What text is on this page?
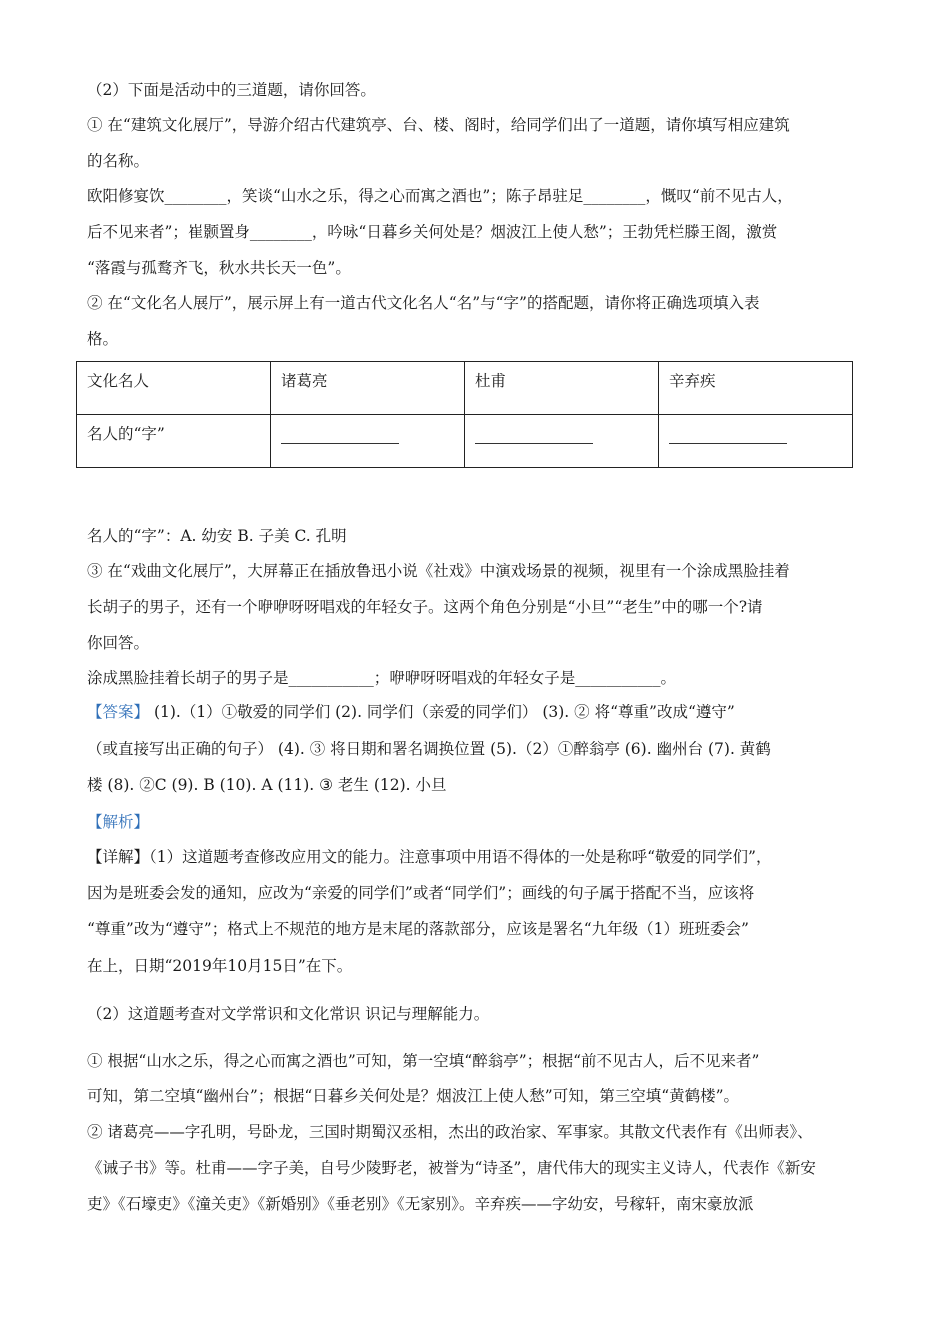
（2）下面是活动中的三道题，请你回答。
① 在“建筑文化展厅”，导游介绍古代建筑亭、台、楼、阁时，给同学们出了一道题，请你填写相应建筑
的名称。
欧阳修宴饮________，笑谈“山水之乐，得之心而寓之酒也”；陈子昂驻足________，慨叹“前不见古人，
后不见来者”；崔颢置身________，吟咏“日暮乡关何处是？烟波江上使人愁”；王勃凭栏滕王阁，激赏
“落霞与孤鹜齐飞，秋水共长天一色”。
② 在“文化名人展厅”，展示屏上有一道古代文化名人“名”与“字”的搭配题，请你将正确选项填入表
格。
文化名人	诸葛亮	杜甫	辛弃疾
名人的“字”			
名人的“字”：A. 幼安 B. 子美 C. 孔明
③ 在“戏曲文化展厅”，大屏幕正在插放鲁迅小说《社戏》中演戏场景的视频，视里有一个涂成黑脸挂着
长胡子的男子，还有一个咿咿呀呀唱戏的年轻女子。这两个角色分别是“小旦”“老生”中的哪一个?请
你回答。
涂成黑脸挂着长胡子的男子是___________；咿咿呀呀唱戏的年轻女子是___________。
【答案】 (1).（1）①敬爱的同学们 (2). 同学们（亲爱的同学们） (3). ② 将“尊重”改成“遵守”
（或直接写出正确的句子） (4). ③ 将日期和署名调换位置 (5).（2）①醉翁亭 (6). 幽州台 (7). 黄鹤
楼 (8). ②C (9). B (10). A (11). ③ 老生 (12). 小旦
【解析】
【详解】（1）这道题考查修改应用文的能力。注意事项中用语不得体的一处是称呼“敬爱的同学们”，
因为是班委会发的通知，应改为“亲爱的同学们”或者“同学们”；画线的句子属于搭配不当，应该将
“尊重”改为“遵守”；格式上不规范的地方是末尾的落款部分，应该是署名“九年级（1）班班委会”
在上，日期“2019年10月15日”在下。
（2）这道题考查对文学常识和文化常识 识记与理解能力。
① 根据“山水之乐，得之心而寓之酒也”可知，第一空填“醉翁亭”；根据“前不见古人，后不见来者”
可知，第二空填“幽州台”；根据“日暮乡关何处是？烟波江上使人愁”可知，第三空填“黄鹤楼”。
② 诸葛亮——字孔明，号卧龙，三国时期蜀汉丞相，杰出的政治家、军事家。其散文代表作有《出师表》、
《诫子书》等。杜甫——字子美，自号少陵野老，被誉为“诗圣”，唐代伟大的现实主义诗人，代表作《新安
吏》《石壕吏》《潼关吏》《新婚别》《垂老别》《无家别》。辛弃疾——字幼安，号稼轩，南宋豪放派
